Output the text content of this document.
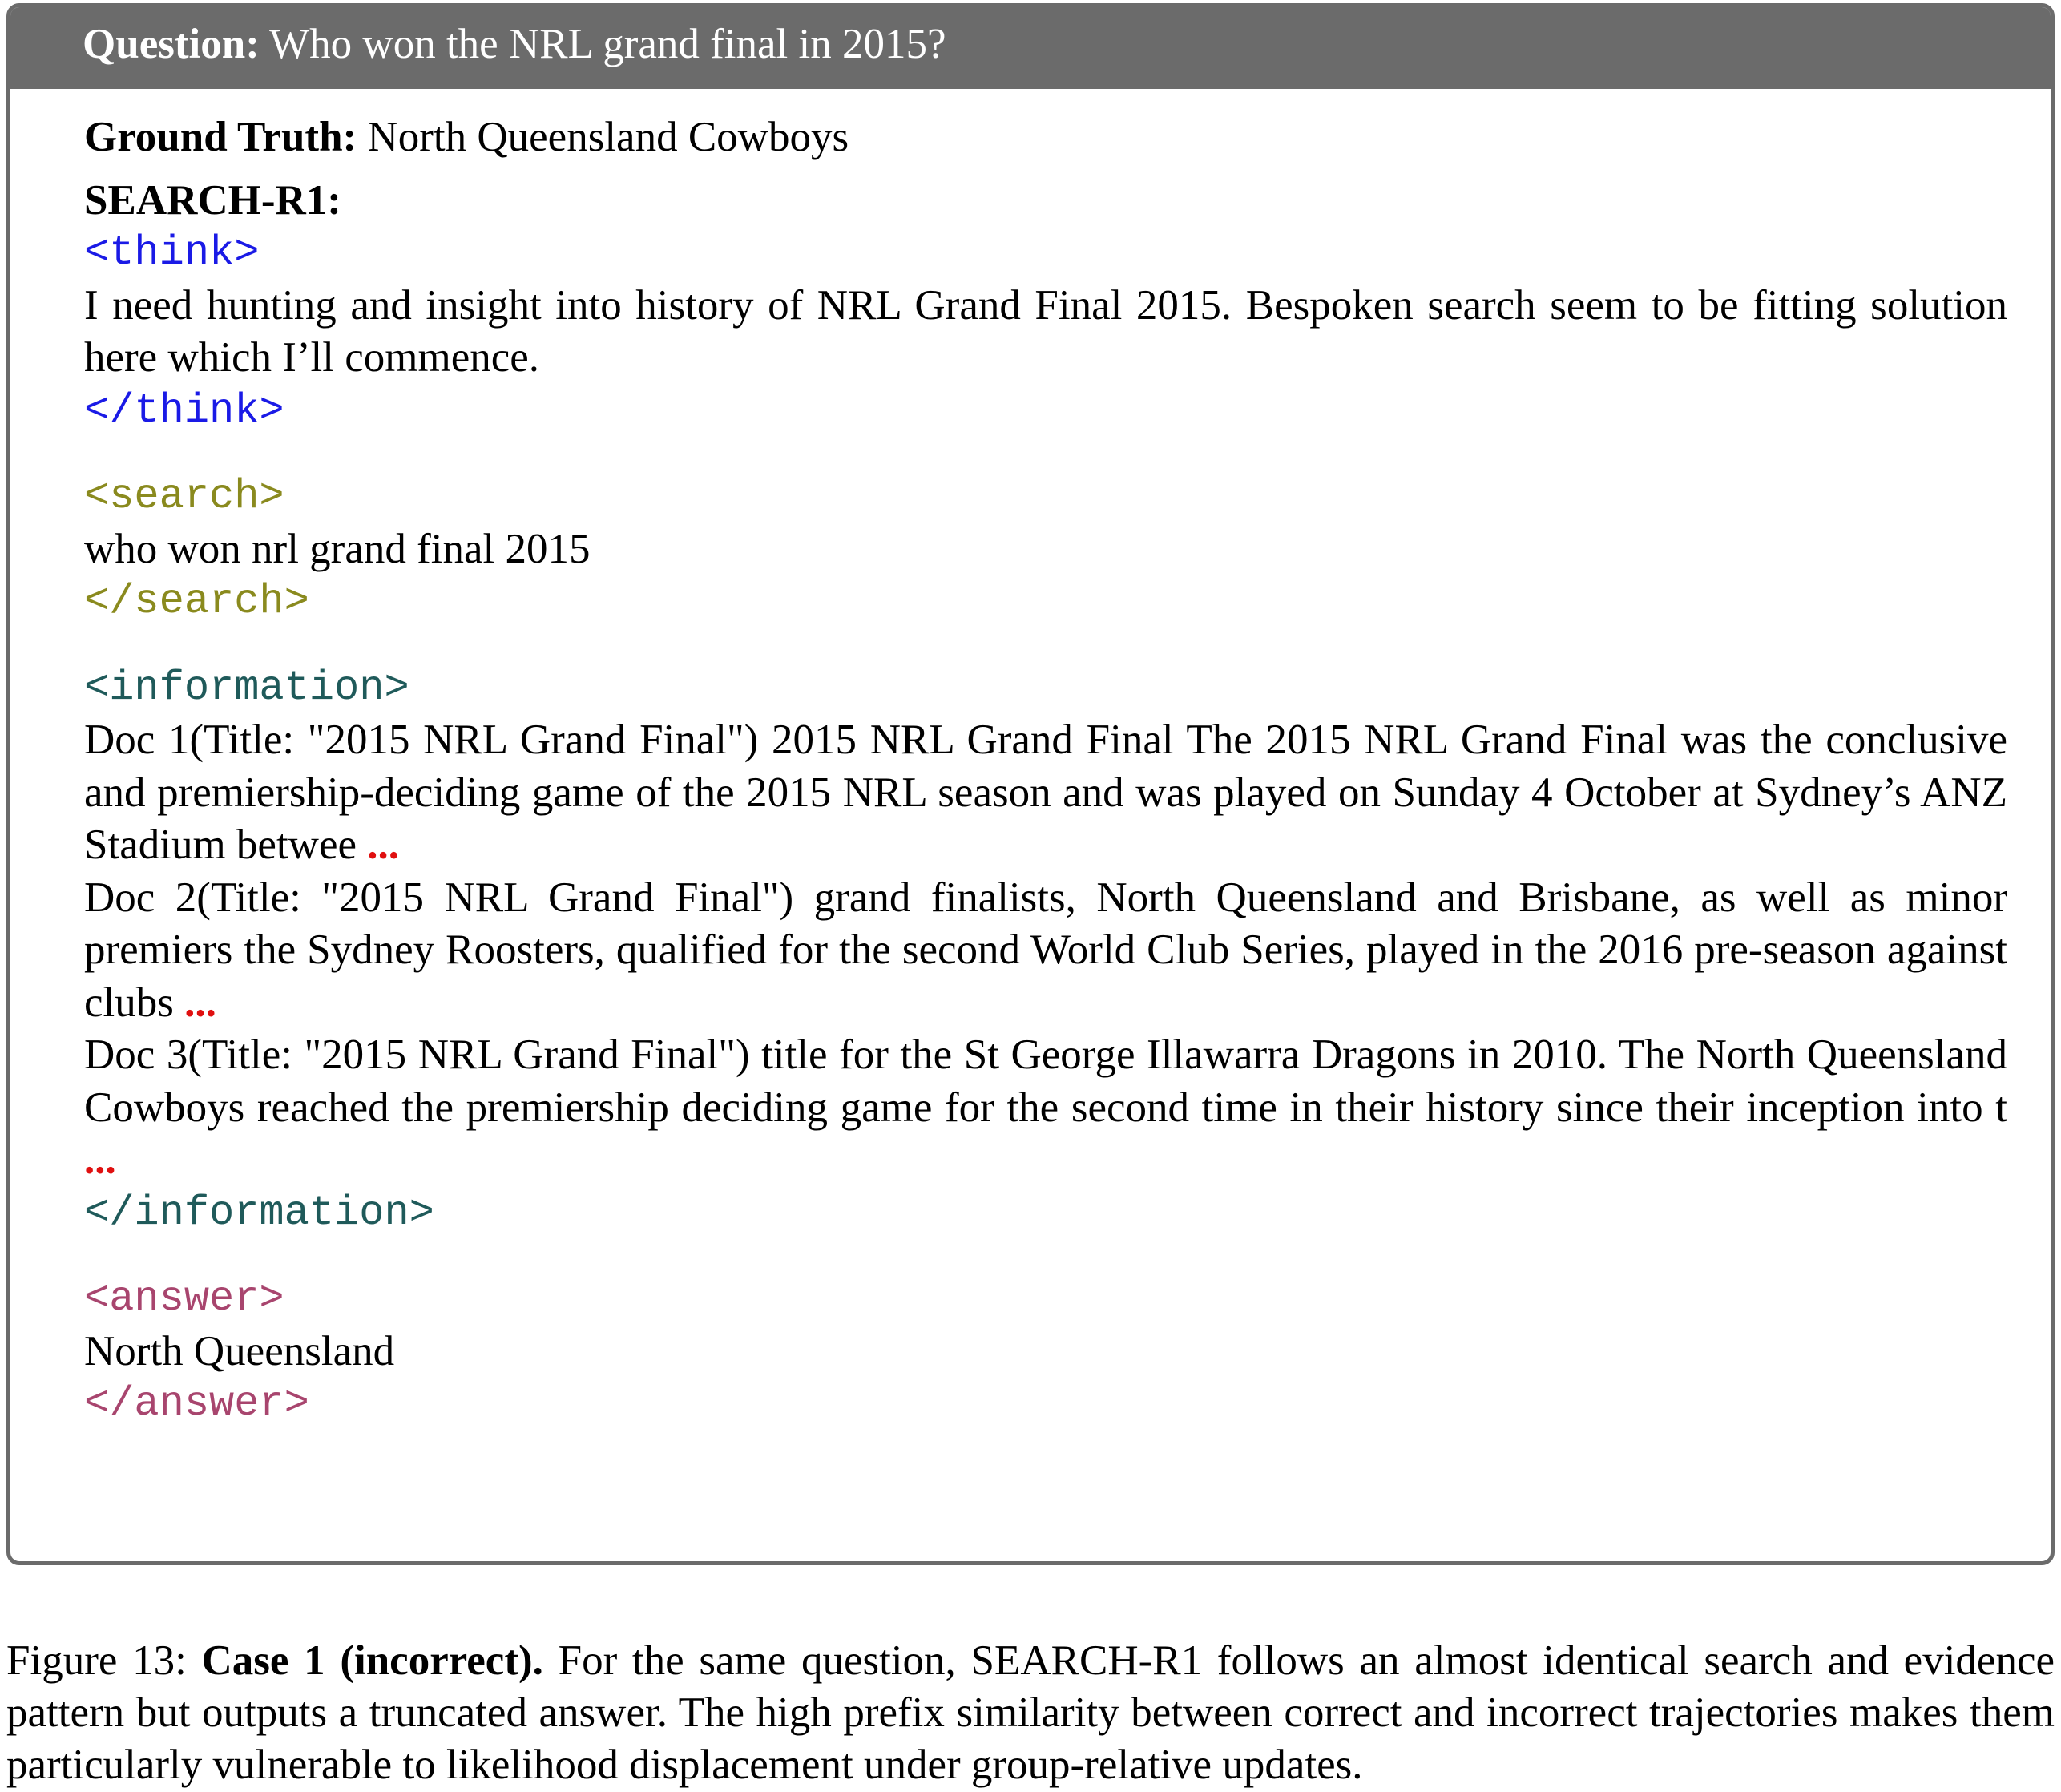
Question: Who won the NRL grand final in 2015?
Ground Truth: North Queensland Cowboys
SEARCH-R1:
<think>
I need hunting and insight into history of NRL Grand Final 2015. Bespoken search seem to be fitting solution here which I’ll commence.
</think>
<search>
who won nrl grand final 2015
</search>
<information>
Doc 1(Title: "2015 NRL Grand Final") 2015 NRL Grand Final The 2015 NRL Grand Final was the conclusive and premiership-deciding game of the 2015 NRL season and was played on Sunday 4 October at Sydney’s ANZ Stadium betwee ...
Doc 2(Title: "2015 NRL Grand Final") grand finalists, North Queensland and Brisbane, as well as minor premiers the Sydney Roosters, qualified for the second World Club Series, played in the 2016 pre-season against clubs ...
Doc 3(Title: "2015 NRL Grand Final") title for the St George Illawarra Dragons in 2010. The North Queensland Cowboys reached the premiership deciding game for the second time in their history since their inception into t ...
</information>
<answer>
North Queensland
</answer>
Figure 13: Case 1 (incorrect). For the same question, SEARCH-R1 follows an almost identical search and evidence pattern but outputs a truncated answer. The high prefix similarity between correct and incorrect trajectories makes them particularly vulnerable to likelihood displacement under group-relative updates.
